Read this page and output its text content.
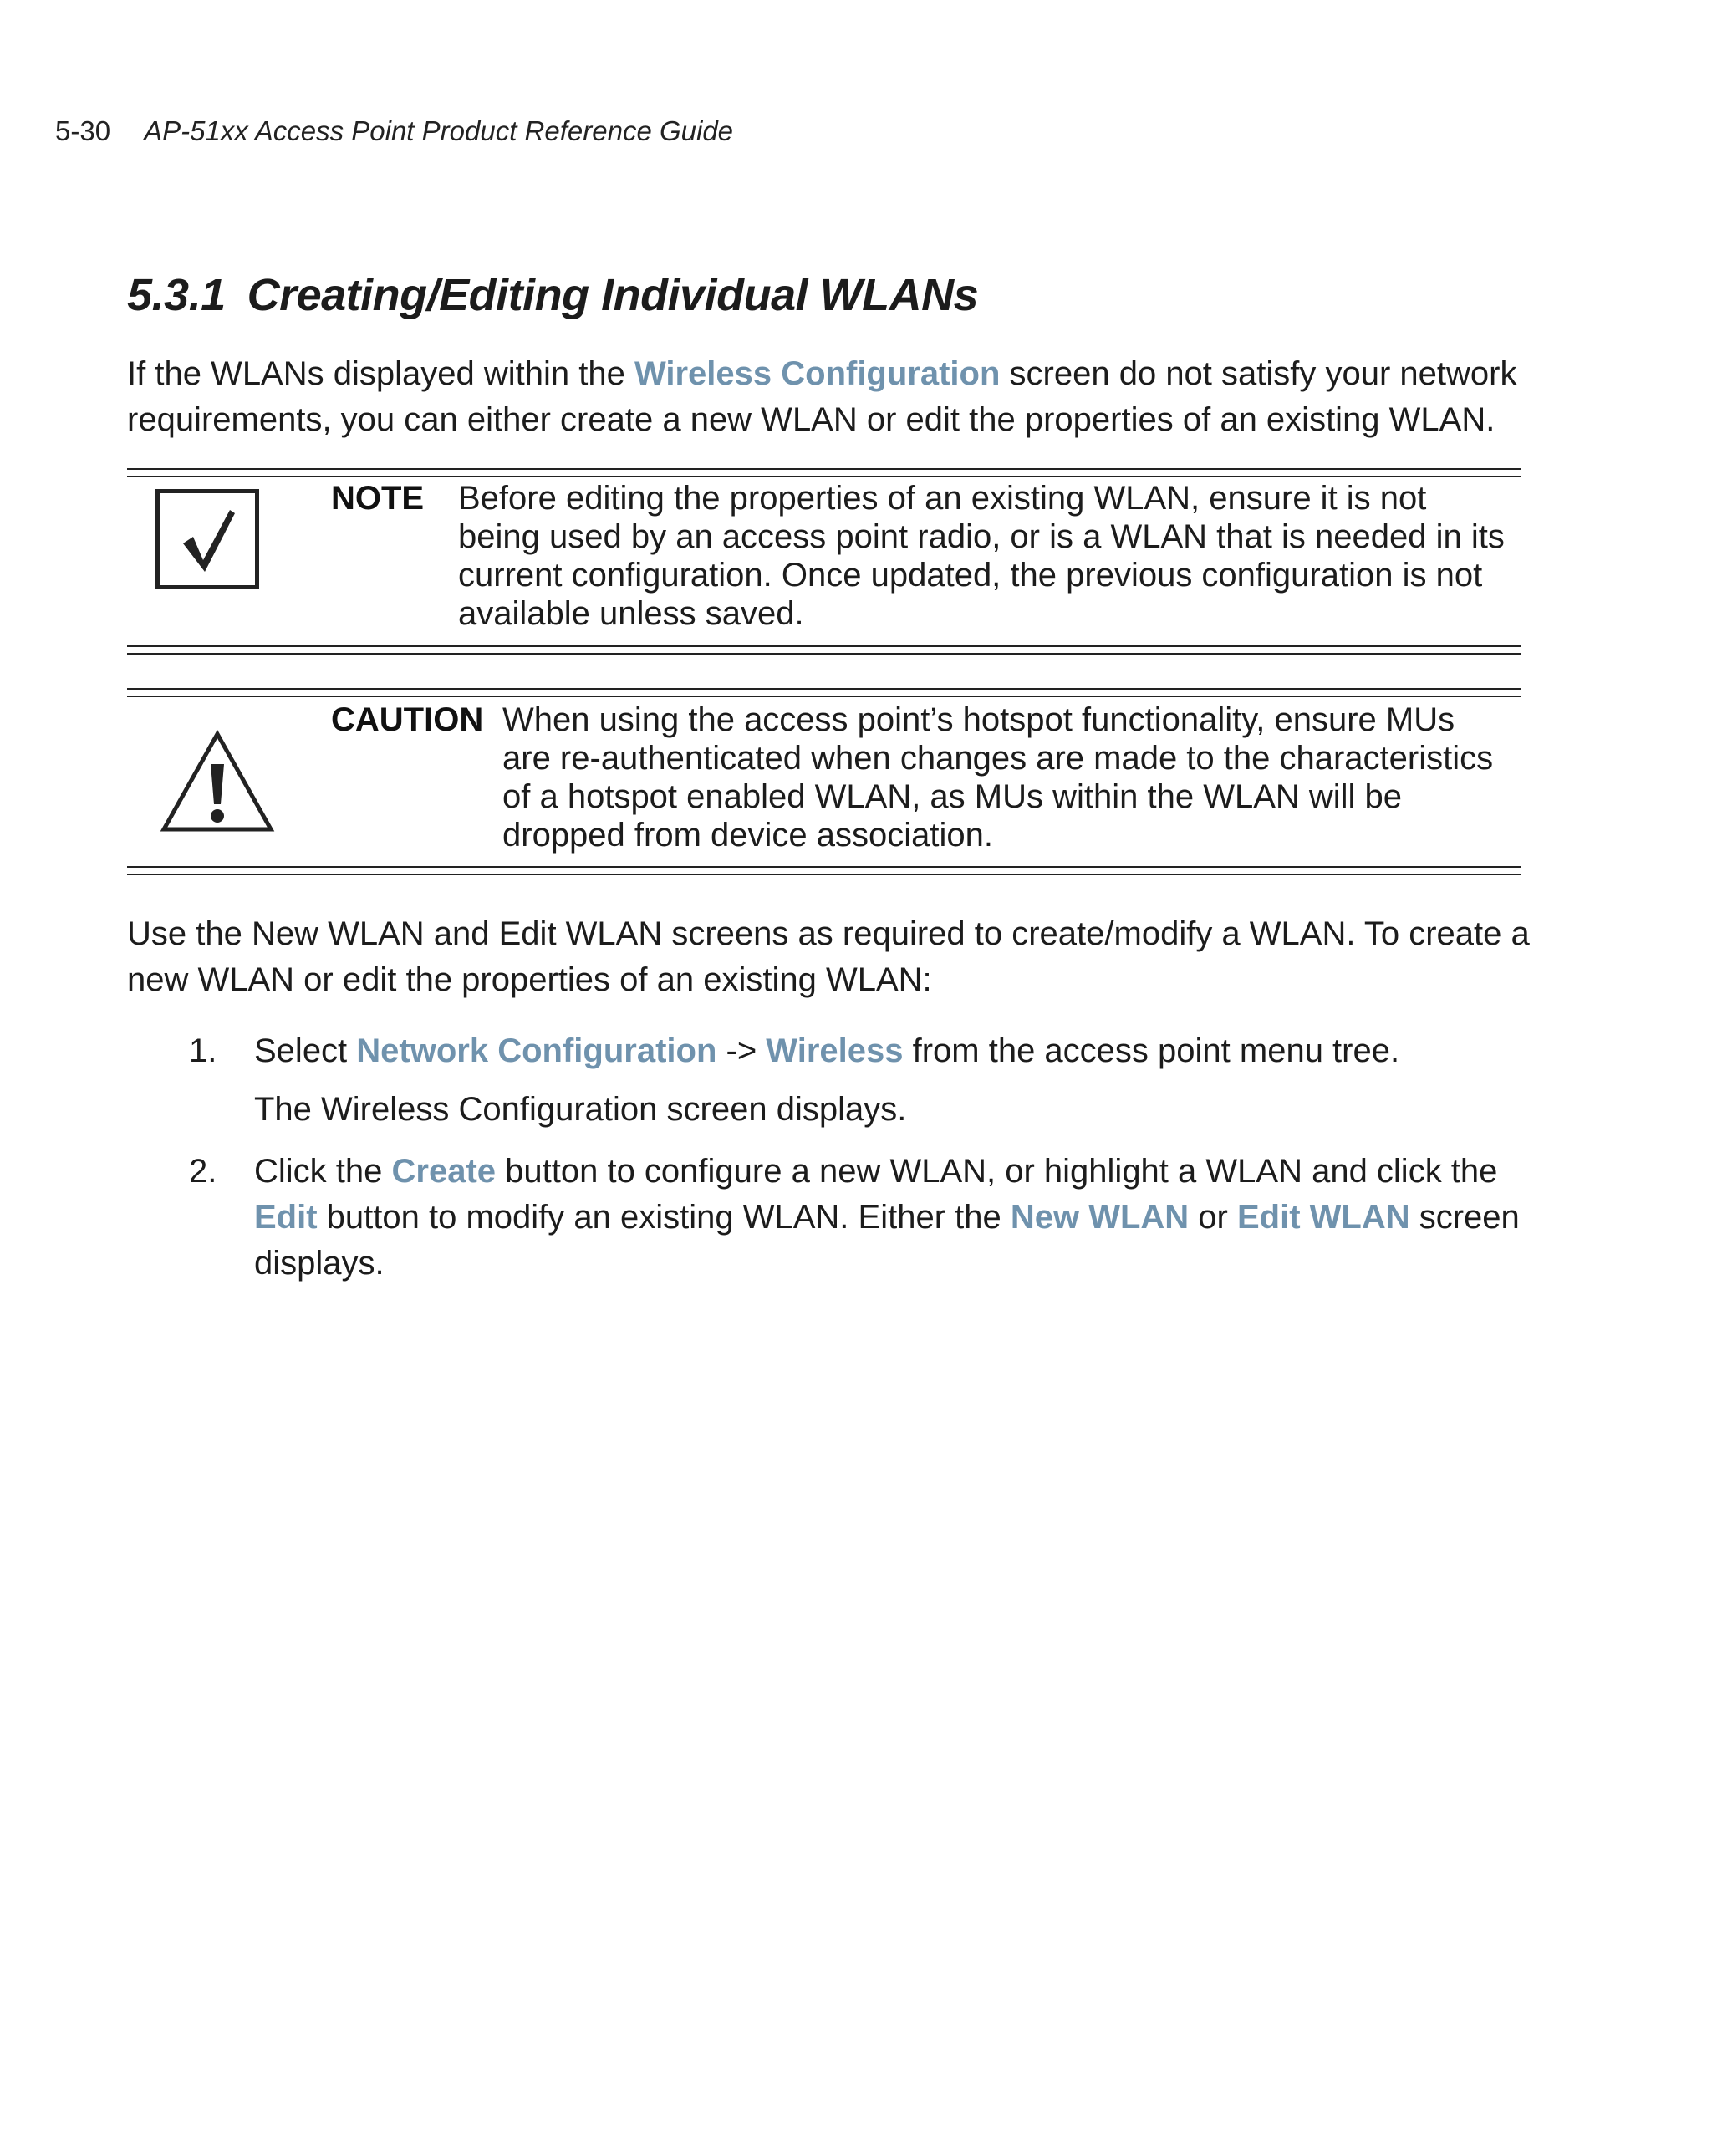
5-30 AP-51xx Access Point Product Reference Guide
5.3.1 Creating/Editing Individual WLANs
If the WLANs displayed within the Wireless Configuration screen do not satisfy your network requirements, you can either create a new WLAN or edit the properties of an existing WLAN.
NOTE Before editing the properties of an existing WLAN, ensure it is not being used by an access point radio, or is a WLAN that is needed in its current configuration. Once updated, the previous configuration is not available unless saved.
CAUTION When using the access point’s hotspot functionality, ensure MUs are re-authenticated when changes are made to the characteristics of a hotspot enabled WLAN, as MUs within the WLAN will be dropped from device association.
Use the New WLAN and Edit WLAN screens as required to create/modify a WLAN. To create a new WLAN or edit the properties of an existing WLAN:
1. Select Network Configuration -> Wireless from the access point menu tree.
The Wireless Configuration screen displays.
2. Click the Create button to configure a new WLAN, or highlight a WLAN and click the Edit button to modify an existing WLAN. Either the New WLAN or Edit WLAN screen displays.
